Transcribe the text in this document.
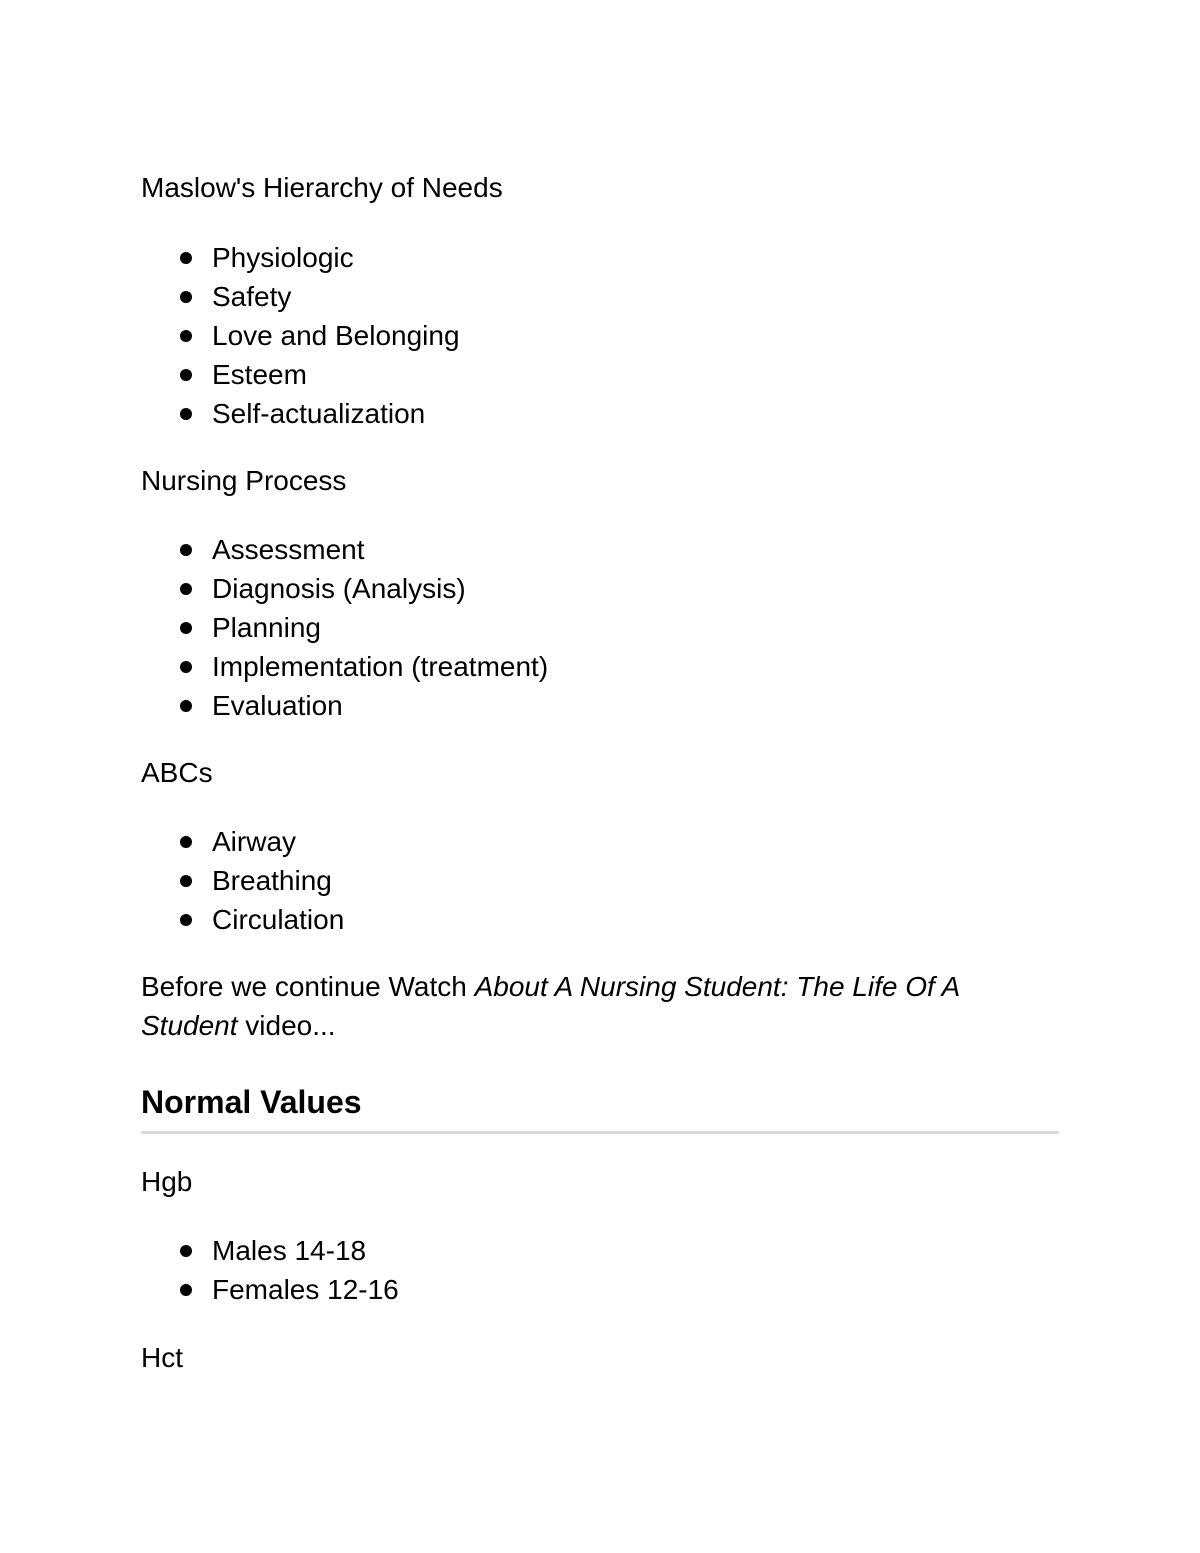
Maslow's Hierarchy of Needs

Physiologic
Safety
Love and Belonging
Esteem
Self-actualization

Nursing Process

Assessment
Diagnosis (Analysis)
Planning
Implementation (treatment)
Evaluation

ABCs

Airway
Breathing
Circulation

Before we continue Watch About A Nursing Student: The Life Of A Student video...

Normal Values

Hgb

Males 14-18
Females 12-16

Hct
